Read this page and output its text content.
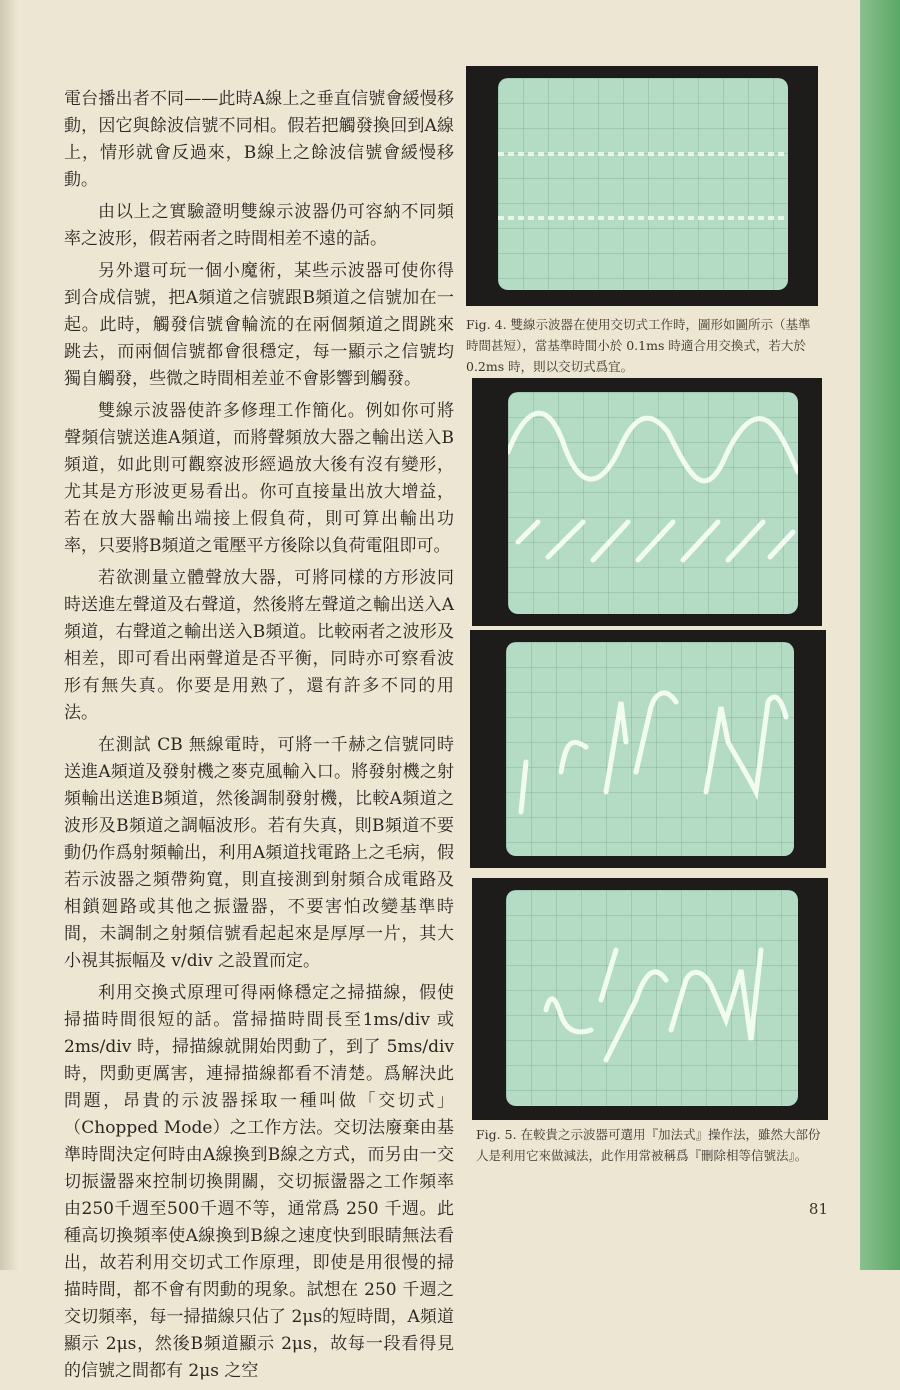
電台播出者不同——此時A線上之垂直信號會緩慢移動，因它與餘波信號不同相。假若把觸發換回到A線上，情形就會反過來，B線上之餘波信號會緩慢移動。

由以上之實驗證明雙線示波器仍可容納不同頻率之波形，假若兩者之時間相差不遠的話。

另外還可玩一個小魔術，某些示波器可使你得到合成信號，把A頻道之信號跟B頻道之信號加在一起。此時，觸發信號會輪流的在兩個頻道之間跳來跳去，而兩個信號都會很穩定，每一顯示之信號均獨自觸發，些微之時間相差並不會影響到觸發。

雙線示波器使許多修理工作簡化。例如你可將聲頻信號送進A頻道，而將聲頻放大器之輸出送入B頻道，如此則可觀察波形經過放大後有沒有變形，尤其是方形波更易看出。你可直接量出放大增益，若在放大器輸出端接上假負荷，則可算出輸出功率，只要將B頻道之電壓平方後除以負荷電阻即可。

若欲測量立體聲放大器，可將同樣的方形波同時送進左聲道及右聲道，然後將左聲道之輸出送入A頻道，右聲道之輸出送入B頻道。比較兩者之波形及相差，即可看出兩聲道是否平衡，同時亦可察看波形有無失真。你要是用熟了，還有許多不同的用法。

在測試 CB 無線電時，可將一千赫之信號同時送進A頻道及發射機之麥克風輸入口。將發射機之射頻輸出送進B頻道，然後調制發射機，比較A頻道之波形及B頻道之調幅波形。若有失真，則B頻道不要動仍作爲射頻輸出，利用A頻道找電路上之毛病，假若示波器之頻帶夠寬，則直接測到射頻合成電路及相鎖廻路或其他之振盪器，不要害怕改變基準時間，未調制之射頻信號看起起來是厚厚一片，其大小視其振幅及 v/div 之設置而定。

利用交換式原理可得兩條穩定之掃描線，假使掃描時間很短的話。當掃描時間長至1ms/div 或 2ms/div 時，掃描線就開始閃動了，到了 5ms/div 時，閃動更厲害，連掃描線都看不清楚。爲解決此問題，昂貴的示波器採取一種叫做「交切式」（Chopped Mode）之工作方法。交切法廢棄由基準時間決定何時由A線換到B線之方式，而另由一交切振盪器來控制切換開關，交切振盪器之工作頻率由250千週至500千週不等，通常爲 250 千週。此種高切換頻率使A線換到B線之速度快到眼睛無法看出，故若利用交切式工作原理，即使是用很慢的掃描時間，都不會有閃動的現象。試想在 250 千週之交切頻率，每一掃描線只佔了 2μs的短時間，A頻道顯示 2μs，然後B頻道顯示 2μs，故每一段看得見的信號之間都有 2μs 之空

Fig. 4. 雙線示波器在使用交切式工作時，圖形如圖所示（基準時間甚短），當基準時間小於 0.1ms 時適合用交換式，若大於 0.2ms 時，則以交切式爲宜。
Fig. 5. 在較貴之示波器可選用『加法式』操作法，雖然大部份人是利用它來做減法，此作用常被稱爲『刪除相等信號法』。
81
